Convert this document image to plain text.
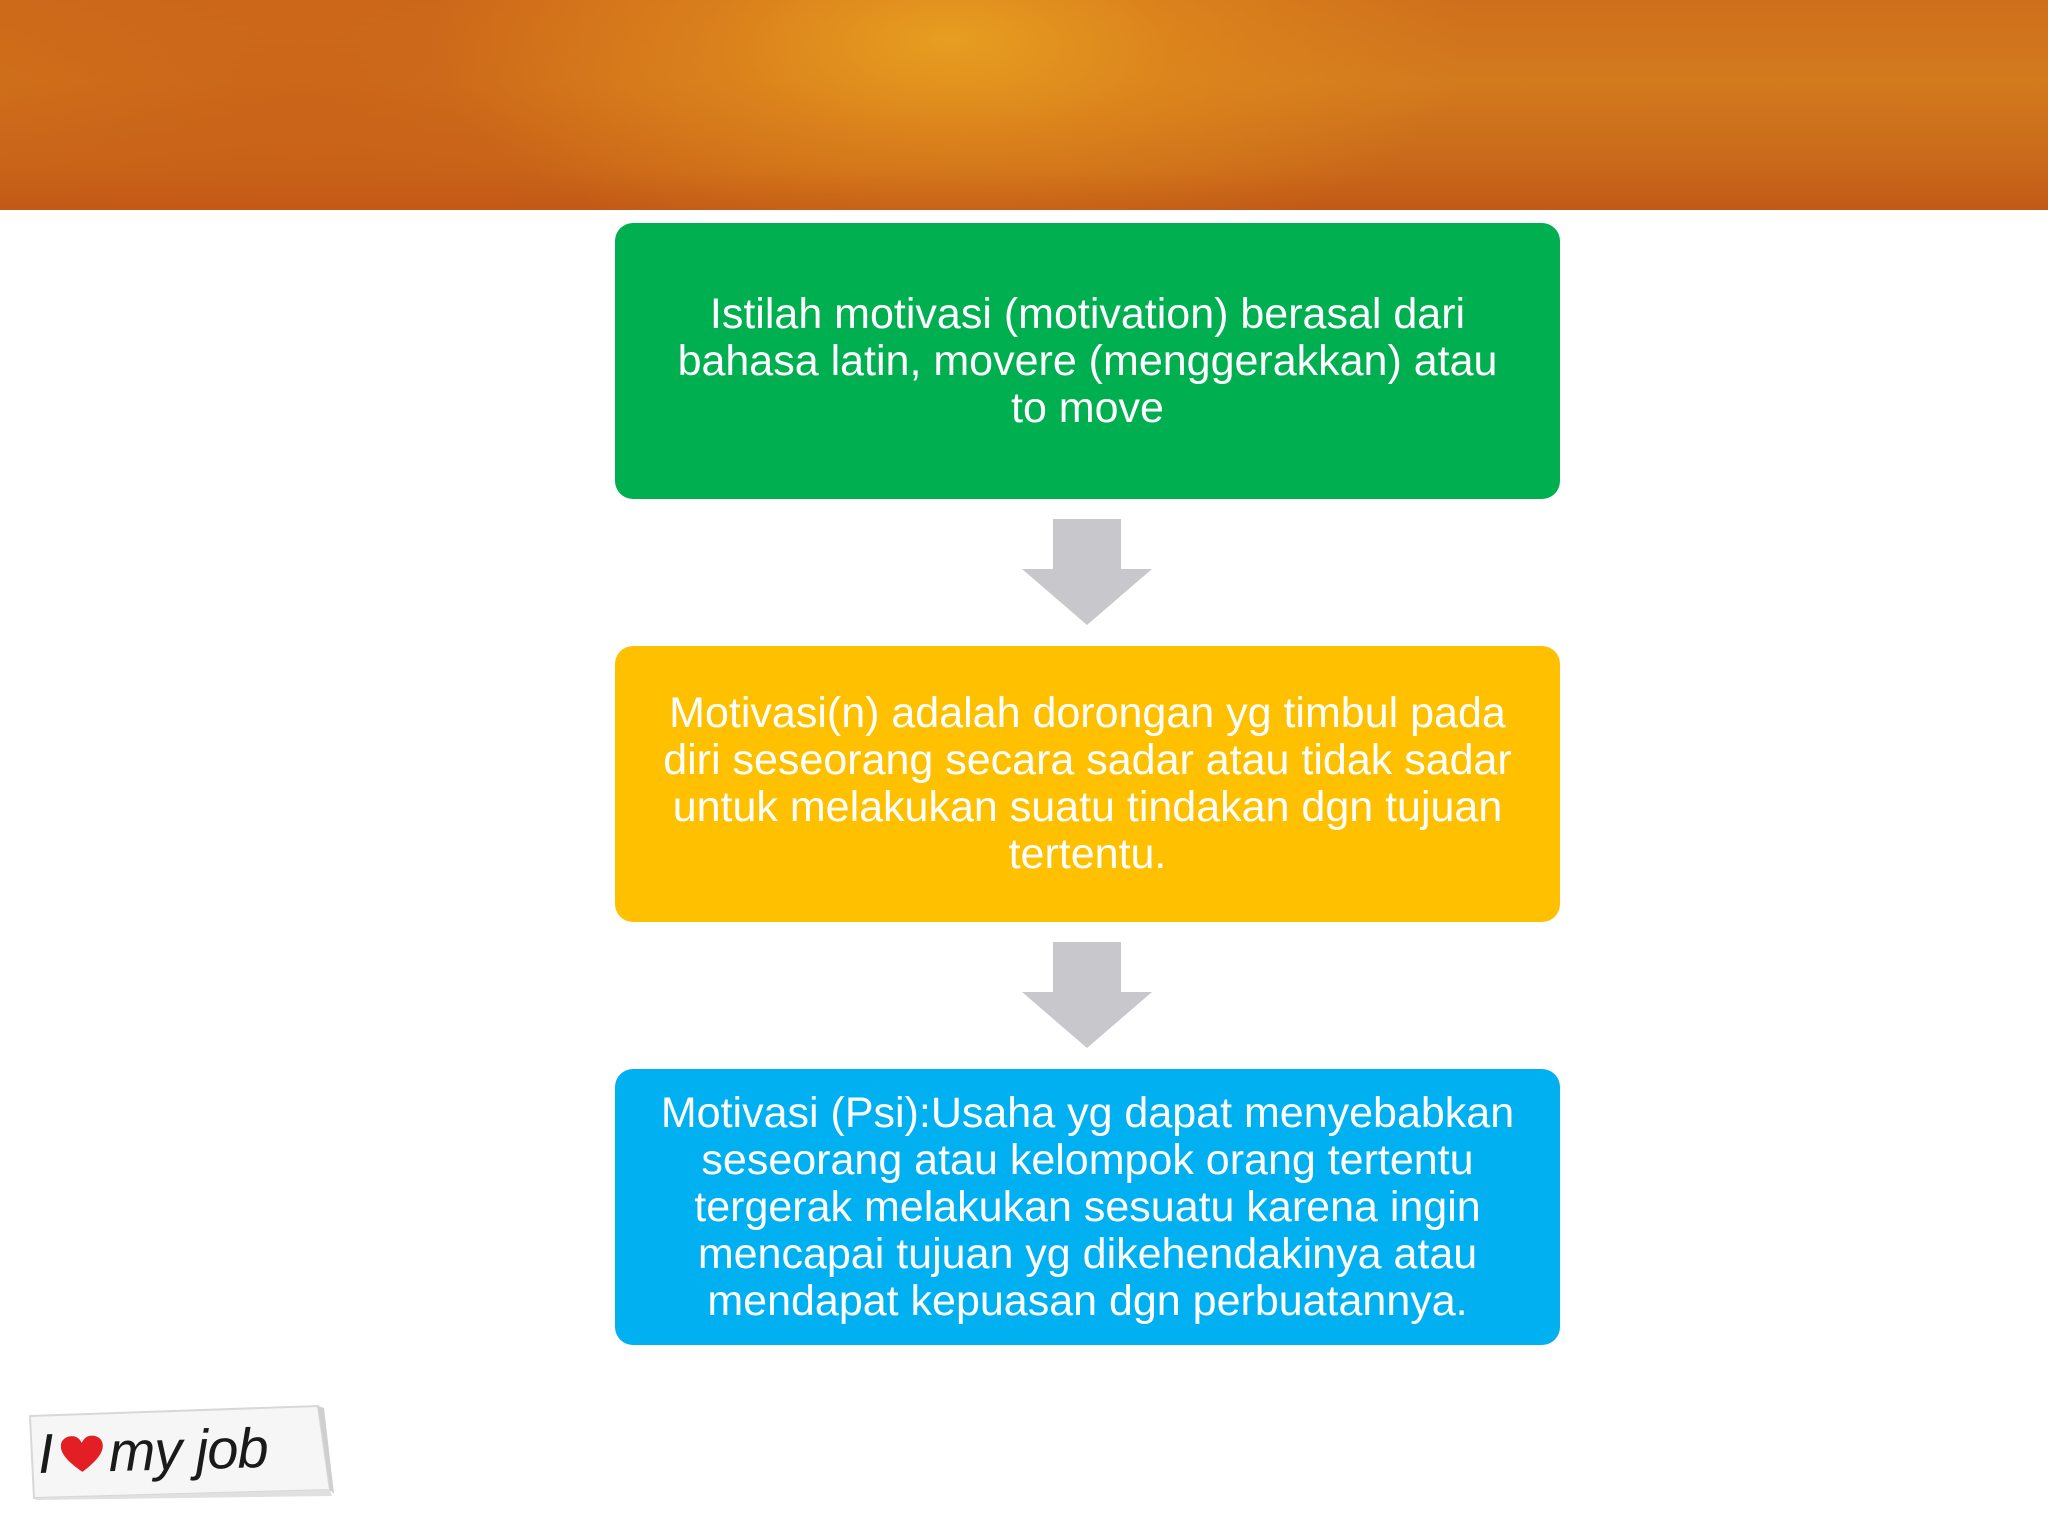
Istilah motivasi (motivation) berasal dari
bahasa latin, movere (menggerakkan) atau
to move
Motivasi(n) adalah dorongan yg timbul pada
diri seseorang secara sadar atau tidak sadar
untuk melakukan suatu tindakan dgn tujuan
tertentu.
Motivasi (Psi):Usaha yg dapat menyebabkan
seseorang atau kelompok orang tertentu
tergerak melakukan sesuatu karena ingin
mencapai tujuan yg dikehendakinya atau
mendapat kepuasan dgn perbuatannya.
I my job
